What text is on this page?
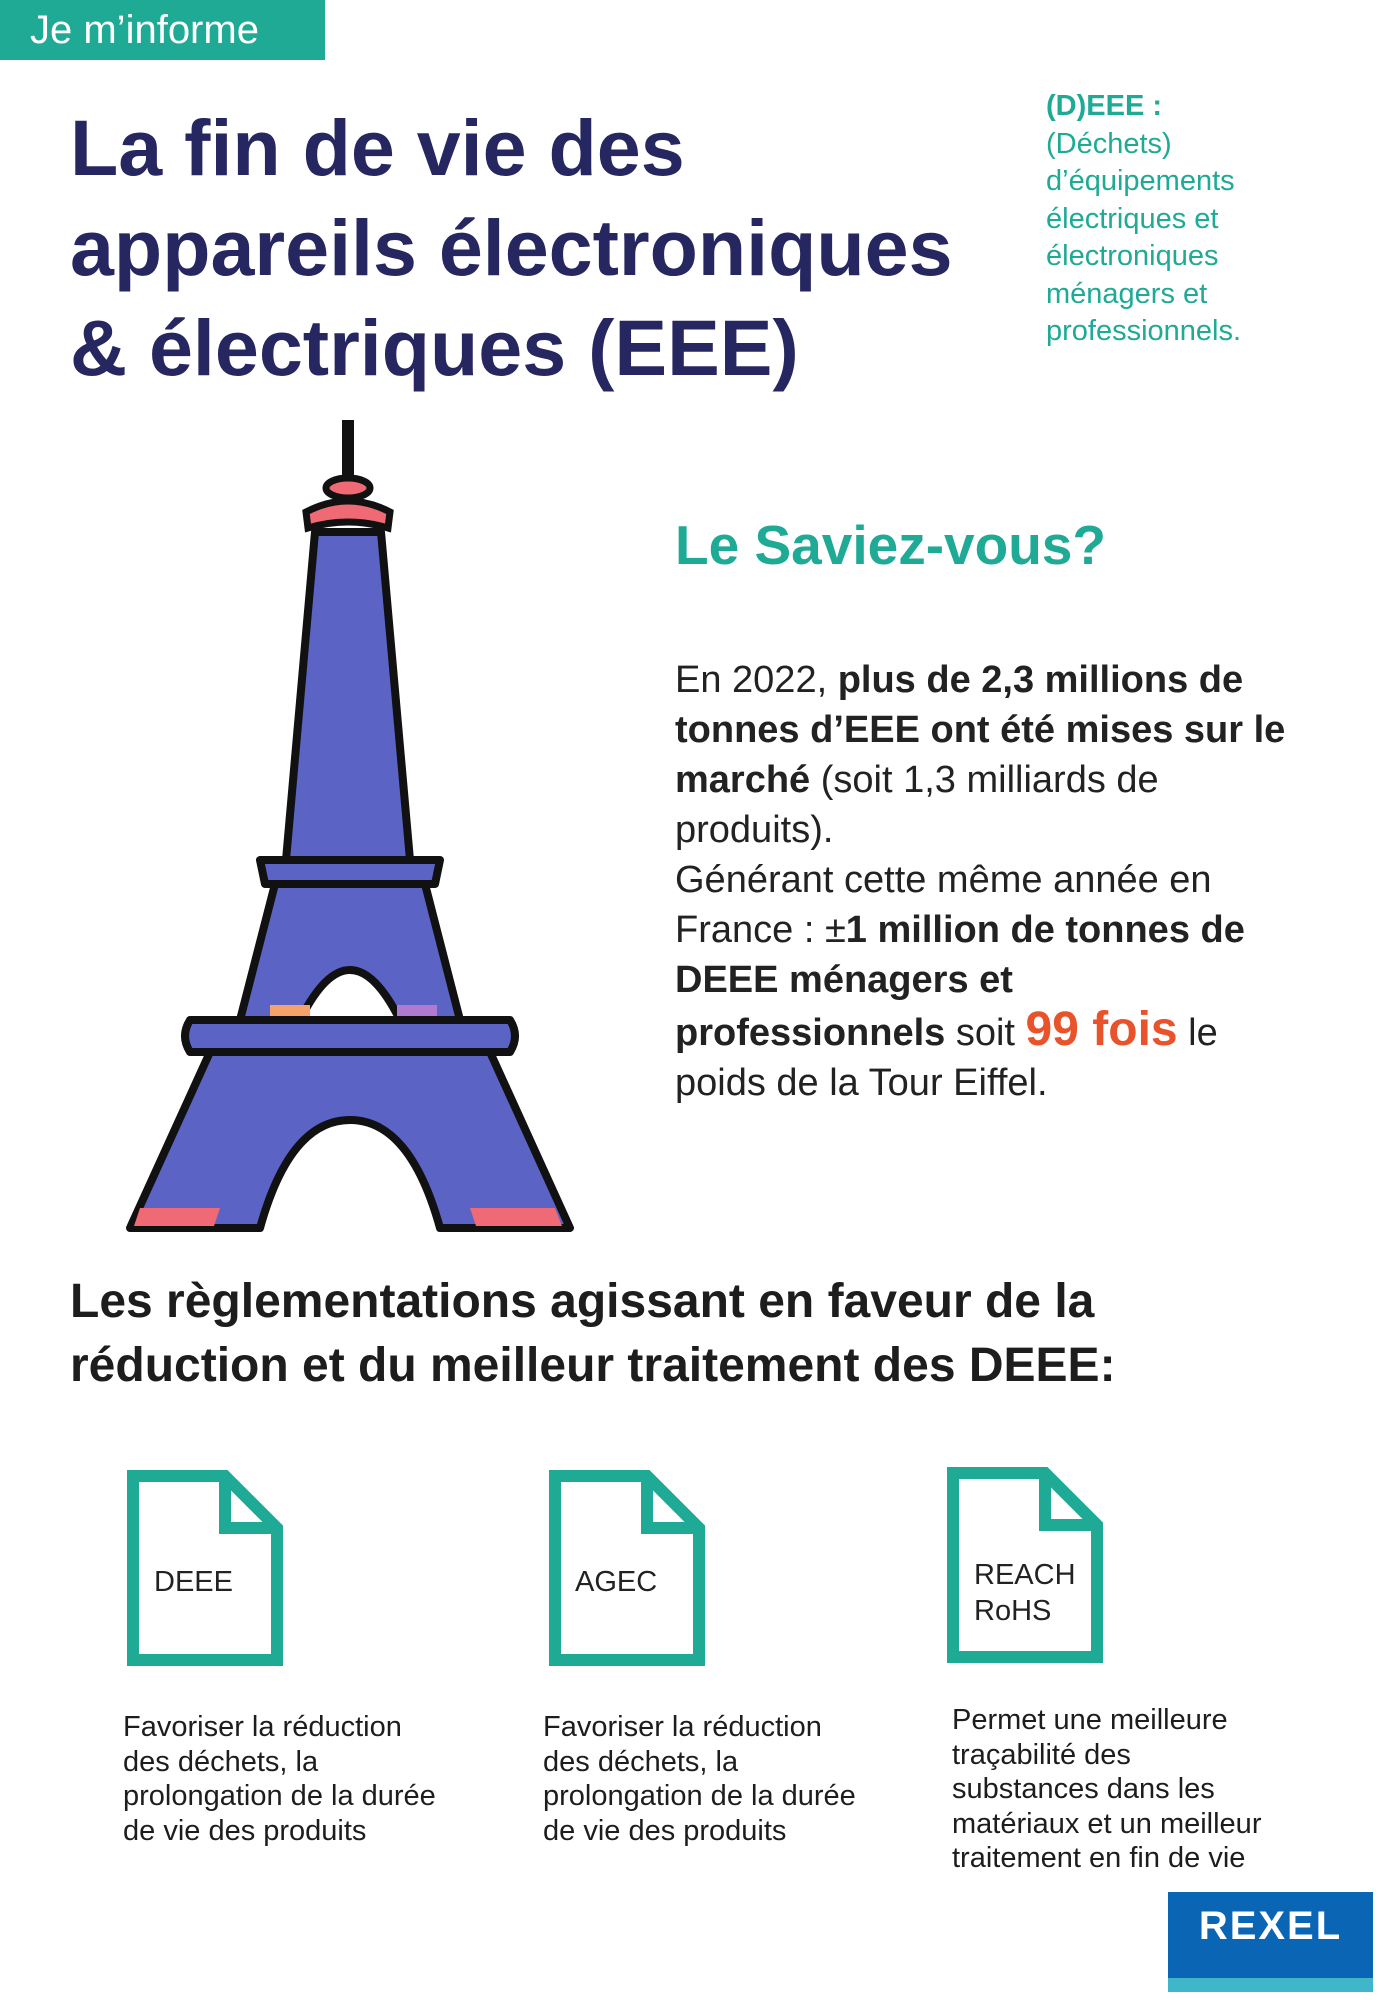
Je m’informe
La fin de vie des
appareils électroniques
& électriques (EEE)
(D)EEE :
(Déchets)
d’équipements
électriques et
électroniques
ménagers et
professionnels.
Le Saviez-vous?
En 2022, plus de 2,3 millions de
tonnes d’EEE ont été mises sur le
marché (soit 1,3 milliards de
produits).
Générant cette même année en
France : ±1 million de tonnes de
DEEE ménagers et
professionnels soit 99 fois le
poids de la Tour Eiffel.
Les règlementations agissant en faveur de la
réduction et du meilleur traitement des DEEE:
DEEE
Favoriser la réduction
des déchets, la
prolongation de la durée
de vie des produits
AGEC
Favoriser la réduction
des déchets, la
prolongation de la durée
de vie des produits
REACH
RoHS
Permet une meilleure
traçabilité des
substances dans les
matériaux et un meilleur
traitement en fin de vie
REXEL
